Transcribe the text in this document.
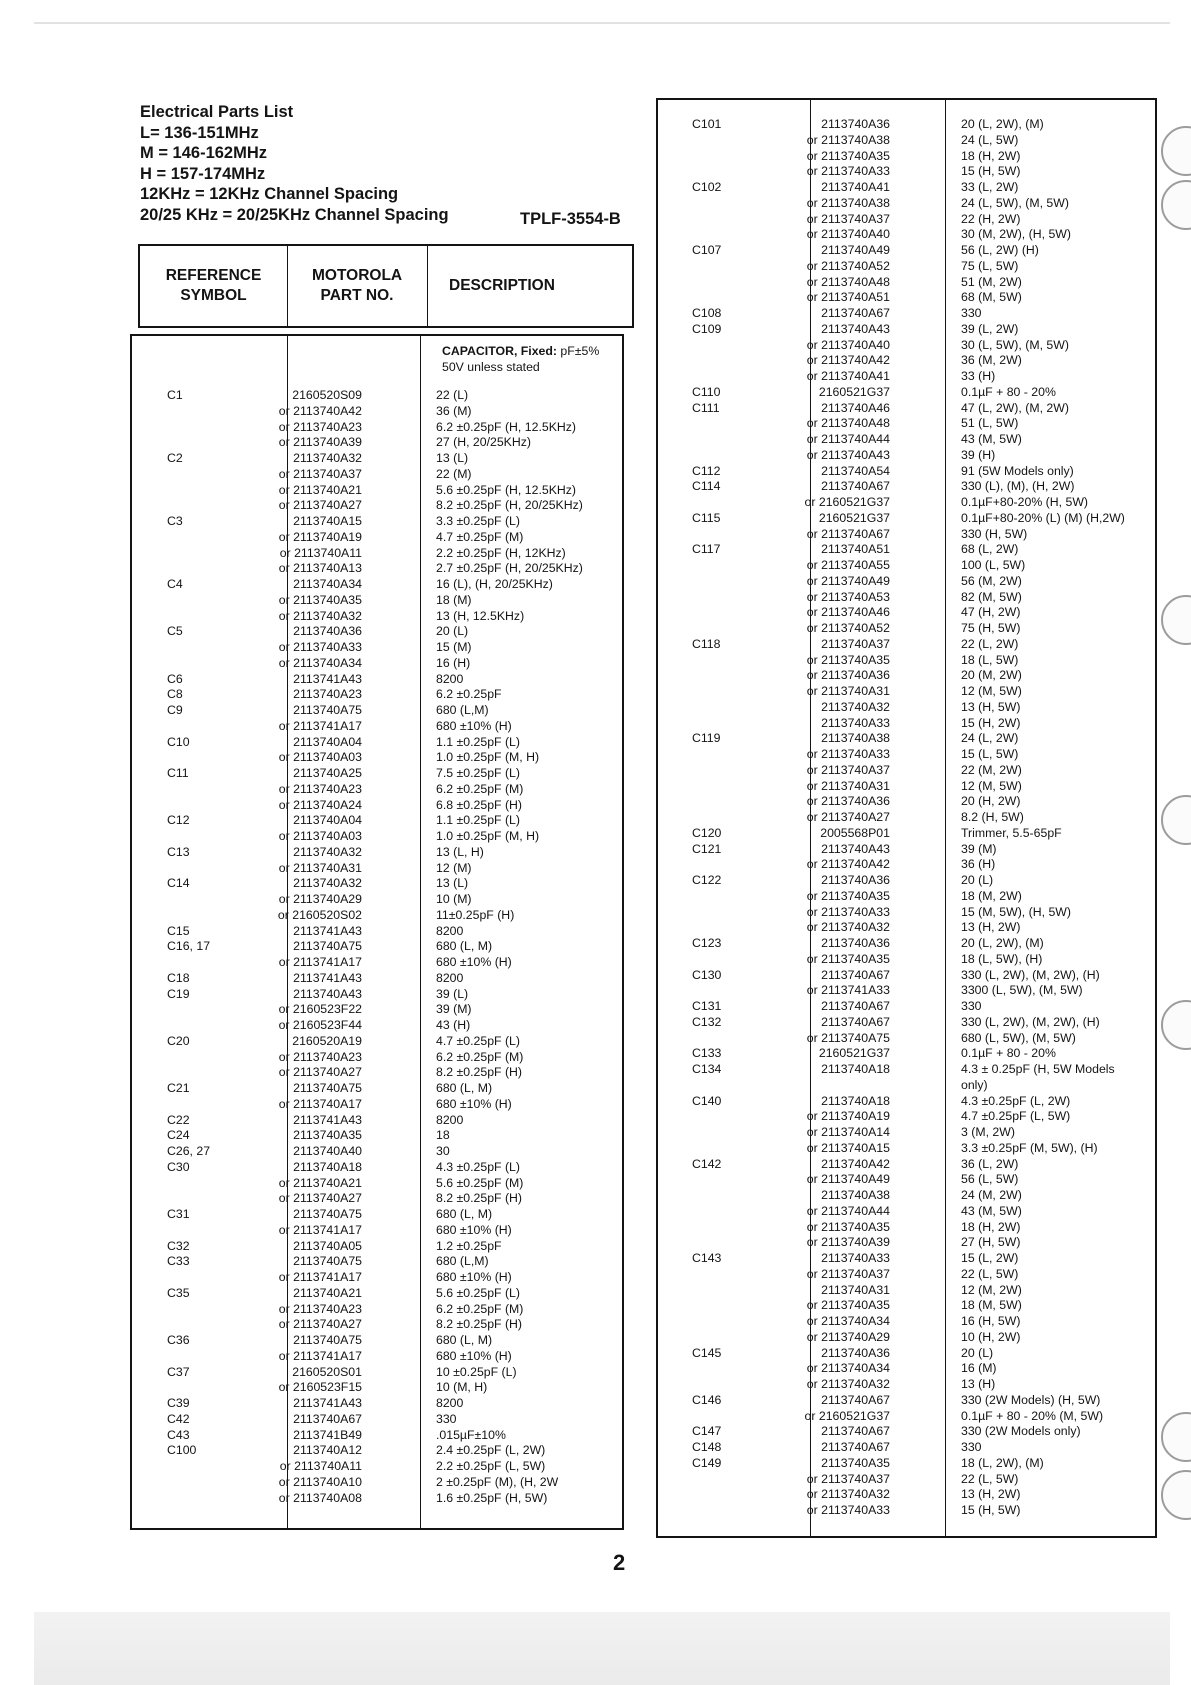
Electrical Parts List
L= 136-151MHz
M = 146-162MHz
H = 157-174MHz
12KHz = 12KHz Channel Spacing
20/25 KHz = 20/25KHz Channel Spacing	TPLF-3554-B
REFERENCE SYMBOL
MOTOROLA PART NO.
DESCRIPTION
CAPACITOR, Fixed: pF±5%
50V unless stated
C1	2160520S09	22 (L)
or 2113740A42	36 (M)
or 2113740A23	6.2 ±0.25pF (H, 12.5KHz)
or 2113740A39	27 (H, 20/25KHz)
C2	2113740A32	13 (L)
or 2113740A37	22 (M)
or 2113740A21	5.6 ±0.25pF (H, 12.5KHz)
or 2113740A27	8.2 ±0.25pF (H, 20/25KHz)
C3	2113740A15	3.3 ±0.25pF (L)
or 2113740A19	4.7 ±0.25pF (M)
or 2113740A11	2.2 ±0.25pF (H, 12KHz)
or 2113740A13	2.7 ±0.25pF (H, 20/25KHz)
C4	2113740A34	16 (L), (H, 20/25KHz)
or 2113740A35	18 (M)
or 2113740A32	13 (H, 12.5KHz)
C5	2113740A36	20 (L)
or 2113740A33	15 (M)
or 2113740A34	16 (H)
C6	2113741A43	8200
C8	2113740A23	6.2 ±0.25pF
C9	2113740A75	680 (L,M)
or 2113741A17	680 ±10% (H)
C10	2113740A04	1.1 ±0.25pF (L)
or 2113740A03	1.0 ±0.25pF (M, H)
C11	2113740A25	7.5 ±0.25pF (L)
or 2113740A23	6.2 ±0.25pF (M)
or 2113740A24	6.8 ±0.25pF (H)
C12	2113740A04	1.1 ±0.25pF (L)
or 2113740A03	1.0 ±0.25pF (M, H)
C13	2113740A32	13 (L, H)
or 2113740A31	12 (M)
C14	2113740A32	13 (L)
or 2113740A29	10 (M)
or 2160520S02	11±0.25pF (H)
C15	2113741A43	8200
C16, 17	2113740A75	680 (L, M)
or 2113741A17	680 ±10% (H)
C18	2113741A43	8200
C19	2113740A43	39 (L)
or 2160523F22	39 (M)
or 2160523F44	43 (H)
C20	2160520A19	4.7 ±0.25pF (L)
or 2113740A23	6.2 ±0.25pF (M)
or 2113740A27	8.2 ±0.25pF (H)
C21	2113740A75	680 (L, M)
or 2113740A17	680 ±10% (H)
C22	2113741A43	8200
C24	2113740A35	18
C26, 27	2113740A40	30
C30	2113740A18	4.3 ±0.25pF (L)
or 2113740A21	5.6 ±0.25pF (M)
or 2113740A27	8.2 ±0.25pF (H)
C31	2113740A75	680 (L, M)
or 2113741A17	680 ±10% (H)
C32	2113740A05	1.2 ±0.25pF
C33	2113740A75	680 (L,M)
or 2113741A17	680 ±10% (H)
C35	2113740A21	5.6 ±0.25pF (L)
or 2113740A23	6.2 ±0.25pF (M)
or 2113740A27	8.2 ±0.25pF (H)
C36	2113740A75	680 (L, M)
or 2113741A17	680 ±10% (H)
C37	2160520S01	10 ±0.25pF (L)
or 2160523F15	10 (M, H)
C39	2113741A43	8200
C42	2113740A67	330
C43	2113741B49	.015µF±10%
C100	2113740A12	2.4 ±0.25pF (L, 2W)
or 2113740A11	2.2 ±0.25pF (L, 5W)
or 2113740A10	2 ±0.25pF (M), (H, 2W
or 2113740A08	1.6 ±0.25pF (H, 5W)
C101	2113740A36	20 (L, 2W), (M)
or 2113740A38	24 (L, 5W)
or 2113740A35	18 (H, 2W)
or 2113740A33	15 (H, 5W)
C102	2113740A41	33 (L, 2W)
or 2113740A38	24 (L, 5W), (M, 5W)
or 2113740A37	22 (H, 2W)
or 2113740A40	30 (M, 2W), (H, 5W)
C107	2113740A49	56 (L, 2W) (H)
or 2113740A52	75 (L, 5W)
or 2113740A48	51 (M, 2W)
or 2113740A51	68 (M, 5W)
C108	2113740A67	330
C109	2113740A43	39 (L, 2W)
or 2113740A40	30 (L, 5W), (M, 5W)
or 2113740A42	36 (M, 2W)
or 2113740A41	33 (H)
C110	2160521G37	0.1µF + 80 - 20%
C111	2113740A46	47 (L, 2W), (M, 2W)
or 2113740A48	51 (L, 5W)
or 2113740A44	43 (M, 5W)
or 2113740A43	39 (H)
C112	2113740A54	91 (5W Models only)
C114	2113740A67	330 (L), (M), (H, 2W)
or 2160521G37	0.1µF+80-20% (H, 5W)
C115	2160521G37	0.1µF+80-20% (L) (M) (H,2W)
or 2113740A67	330 (H, 5W)
C117	2113740A51	68 (L, 2W)
or 2113740A55	100 (L, 5W)
or 2113740A49	56 (M, 2W)
or 2113740A53	82 (M, 5W)
or 2113740A46	47 (H, 2W)
or 2113740A52	75 (H, 5W)
C118	2113740A37	22 (L, 2W)
or 2113740A35	18 (L, 5W)
or 2113740A36	20 (M, 2W)
or 2113740A31	12 (M, 5W)
2113740A32	13 (H, 5W)
2113740A33	15 (H, 2W)
C119	2113740A38	24 (L, 2W)
or 2113740A33	15 (L, 5W)
or 2113740A37	22 (M, 2W)
or 2113740A31	12 (M, 5W)
or 2113740A36	20 (H, 2W)
or 2113740A27	8.2 (H, 5W)
C120	2005568P01	Trimmer, 5.5-65pF
C121	2113740A43	39 (M)
or 2113740A42	36 (H)
C122	2113740A36	20 (L)
or 2113740A35	18 (M, 2W)
or 2113740A33	15 (M, 5W), (H, 5W)
or 2113740A32	13 (H, 2W)
C123	2113740A36	20 (L, 2W), (M)
or 2113740A35	18 (L, 5W), (H)
C130	2113740A67	330 (L, 2W), (M, 2W), (H)
or 2113741A33	3300 (L, 5W), (M, 5W)
C131	2113740A67	330
C132	2113740A67	330 (L, 2W), (M, 2W), (H)
or 2113740A75	680 (L, 5W), (M, 5W)
C133	2160521G37	0.1µF + 80 - 20%
C134	2113740A18	4.3 ± 0.25pF (H, 5W Models
only)
C140	2113740A18	4.3 ±0.25pF (L, 2W)
or 2113740A19	4.7 ±0.25pF (L, 5W)
or 2113740A14	3 (M, 2W)
or 2113740A15	3.3 ±0.25pF (M, 5W), (H)
C142	2113740A42	36 (L, 2W)
or 2113740A49	56 (L, 5W)
2113740A38	24 (M, 2W)
or 2113740A44	43 (M, 5W)
or 2113740A35	18 (H, 2W)
or 2113740A39	27 (H, 5W)
C143	2113740A33	15 (L, 2W)
or 2113740A37	22 (L, 5W)
2113740A31	12 (M, 2W)
or 2113740A35	18 (M, 5W)
or 2113740A34	16 (H, 5W)
or 2113740A29	10 (H, 2W)
C145	2113740A36	20 (L)
or 2113740A34	16 (M)
or 2113740A32	13 (H)
C146	2113740A67	330 (2W Models) (H, 5W)
or 2160521G37	0.1µF + 80 - 20% (M, 5W)
C147	2113740A67	330 (2W Models only)
C148	2113740A67	330
C149	2113740A35	18 (L, 2W), (M)
or 2113740A37	22 (L, 5W)
or 2113740A32	13 (H, 2W)
or 2113740A33	15 (H, 5W)
2
